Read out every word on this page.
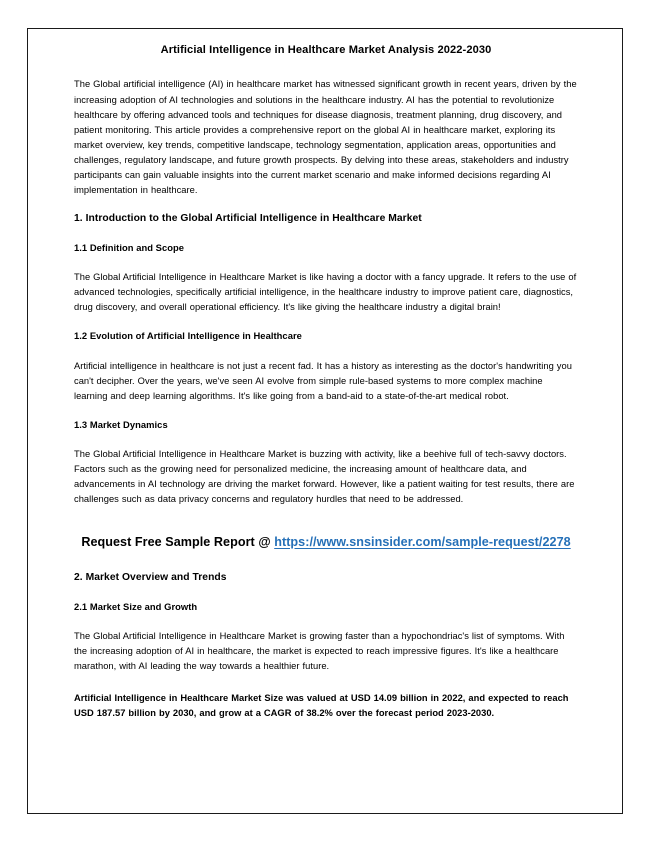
Artificial Intelligence in Healthcare Market Analysis 2022-2030

The Global artificial intelligence (AI) in healthcare market has witnessed significant growth in recent years, driven by the increasing adoption of AI technologies and solutions in the healthcare industry. AI has the potential to revolutionize healthcare by offering advanced tools and techniques for disease diagnosis, treatment planning, drug discovery, and patient monitoring. This article provides a comprehensive report on the global AI in healthcare market, exploring its market overview, key trends, competitive landscape, technology segmentation, application areas, opportunities and challenges, regulatory landscape, and future growth prospects. By delving into these areas, stakeholders and industry participants can gain valuable insights into the current market scenario and make informed decisions regarding AI implementation in healthcare.

1. Introduction to the Global Artificial Intelligence in Healthcare Market
1.1 Definition and Scope

The Global Artificial Intelligence in Healthcare Market is like having a doctor with a fancy upgrade. It refers to the use of advanced technologies, specifically artificial intelligence, in the healthcare industry to improve patient care, diagnostics, drug discovery, and overall operational efficiency. It's like giving the healthcare industry a digital brain!

1.2 Evolution of Artificial Intelligence in Healthcare

Artificial intelligence in healthcare is not just a recent fad. It has a history as interesting as the doctor's handwriting you can't decipher. Over the years, we've seen AI evolve from simple rule-based systems to more complex machine learning and deep learning algorithms. It's like going from a band-aid to a state-of-the-art medical robot.

1.3 Market Dynamics

The Global Artificial Intelligence in Healthcare Market is buzzing with activity, like a beehive full of tech-savvy doctors. Factors such as the growing need for personalized medicine, the increasing amount of healthcare data, and advancements in AI technology are driving the market forward. However, like a patient waiting for test results, there are challenges such as data privacy concerns and regulatory hurdles that need to be addressed.

Request Free Sample Report @ https://www.snsinsider.com/sample-request/2278
2. Market Overview and Trends
2.1 Market Size and Growth

The Global Artificial Intelligence in Healthcare Market is growing faster than a hypochondriac's list of symptoms. With the increasing adoption of AI in healthcare, the market is expected to reach impressive figures. It's like a healthcare marathon, with AI leading the way towards a healthier future.

Artificial Intelligence in Healthcare Market Size was valued at USD 14.09 billion in 2022, and expected to reach USD 187.57 billion by 2030, and grow at a CAGR of 38.2% over the forecast period 2023-2030.
